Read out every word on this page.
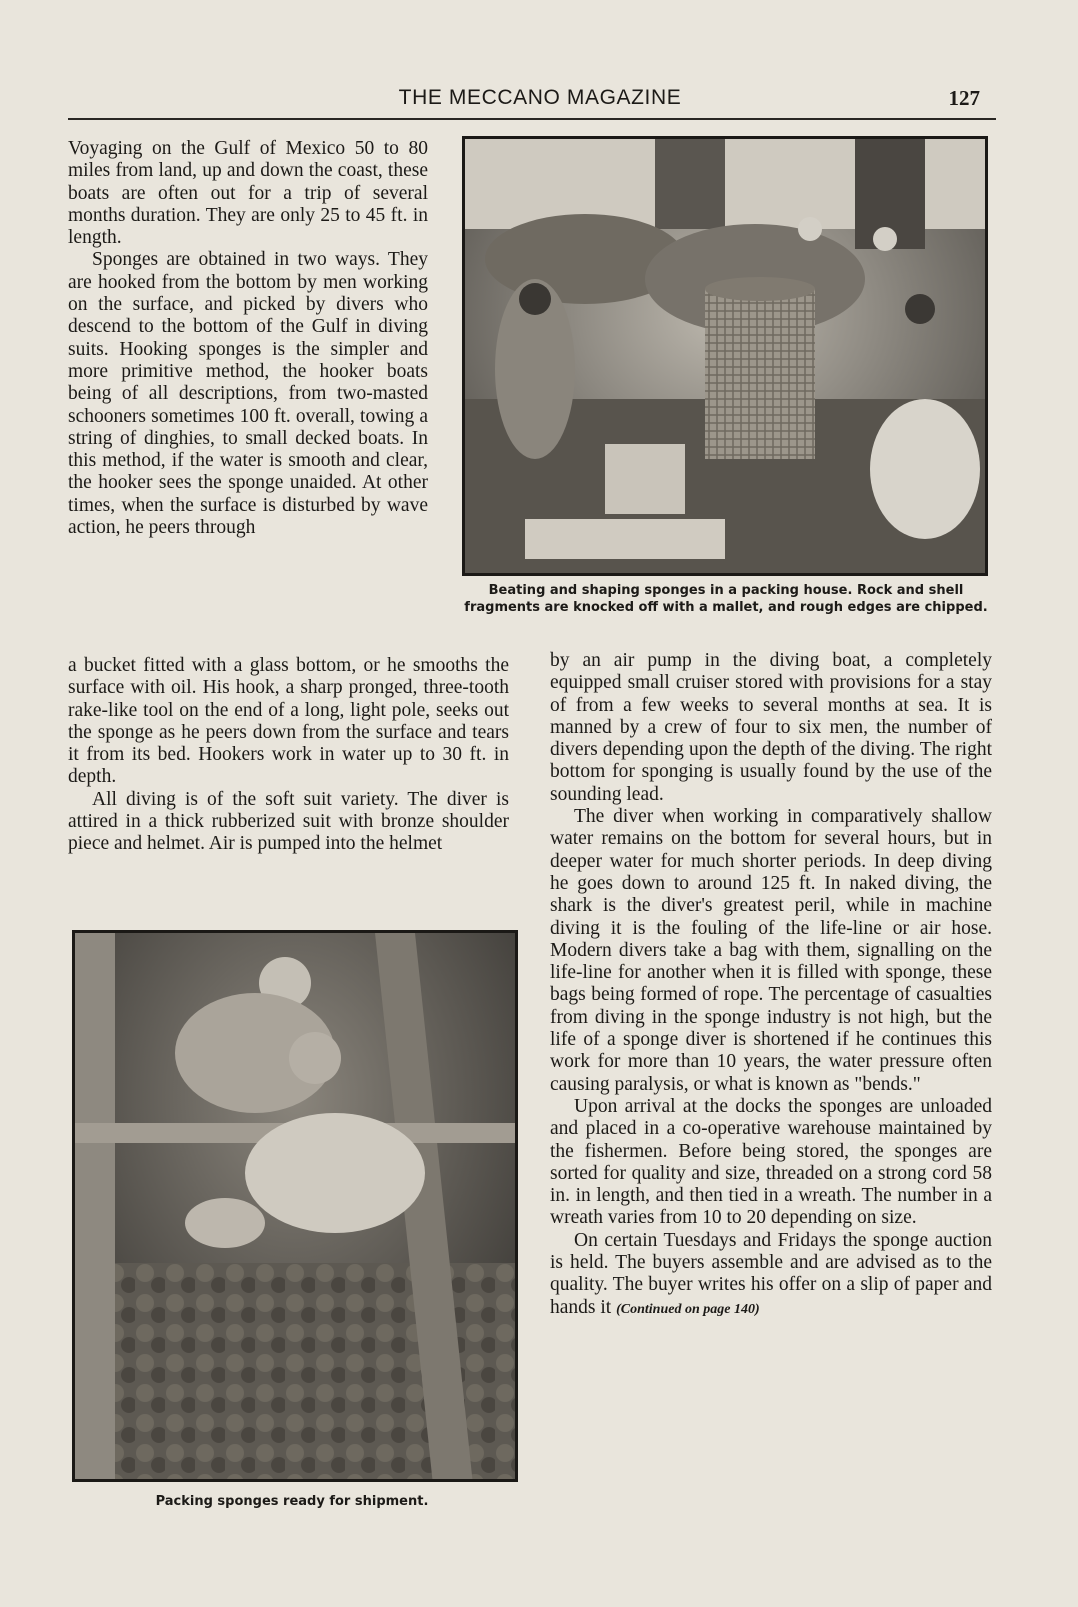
THE MECCANO MAGAZINE	127

Voyaging on the Gulf of Mexico 50 to 80 miles from land, up and down the coast, these boats are often out for a trip of several months duration. They are only 25 to 45 ft. in length.

Sponges are obtained in two ways. They are hooked from the bottom by men working on the surface, and picked by divers who descend to the bottom of the Gulf in diving suits. Hooking sponges is the simpler and more primitive method, the hooker boats being of all descriptions, from two-masted schooners sometimes 100 ft. overall, towing a string of dinghies, to small decked boats. In this method, if the water is smooth and clear, the hooker sees the sponge unaided. At other times, when the surface is disturbed by wave action, he peers through

Beating and shaping sponges in a packing house. Rock and shell fragments are knocked off with a mallet, and rough edges are chipped.

a bucket fitted with a glass bottom, or he smooths the surface with oil. His hook, a sharp pronged, three-tooth rake-like tool on the end of a long, light pole, seeks out the sponge as he peers down from the surface and tears it from its bed. Hookers work in water up to 30 ft. in depth.

All diving is of the soft suit variety. The diver is attired in a thick rubberized suit with bronze shoulder piece and helmet. Air is pumped into the helmet

Packing sponges ready for shipment.

by an air pump in the diving boat, a completely equipped small cruiser stored with provisions for a stay of from a few weeks to several months at sea. It is manned by a crew of four to six men, the number of divers depending upon the depth of the diving. The right bottom for sponging is usually found by the use of the sounding lead.

The diver when working in comparatively shallow water remains on the bottom for several hours, but in deeper water for much shorter periods. In deep diving he goes down to around 125 ft. In naked diving, the shark is the diver's greatest peril, while in machine diving it is the fouling of the life-line or air hose. Modern divers take a bag with them, signalling on the life-line for another when it is filled with sponge, these bags being formed of rope. The percentage of casualties from diving in the sponge industry is not high, but the life of a sponge diver is shortened if he continues this work for more than 10 years, the water pressure often causing paralysis, or what is known as "bends."

Upon arrival at the docks the sponges are unloaded and placed in a co-operative warehouse maintained by the fishermen. Before being stored, the sponges are sorted for quality and size, threaded on a strong cord 58 in. in length, and then tied in a wreath. The number in a wreath varies from 10 to 20 depending on size.

On certain Tuesdays and Fridays the sponge auction is held. The buyers assemble and are advised as to the quality. The buyer writes his offer on a slip of paper and hands it (Continued on page 140)
